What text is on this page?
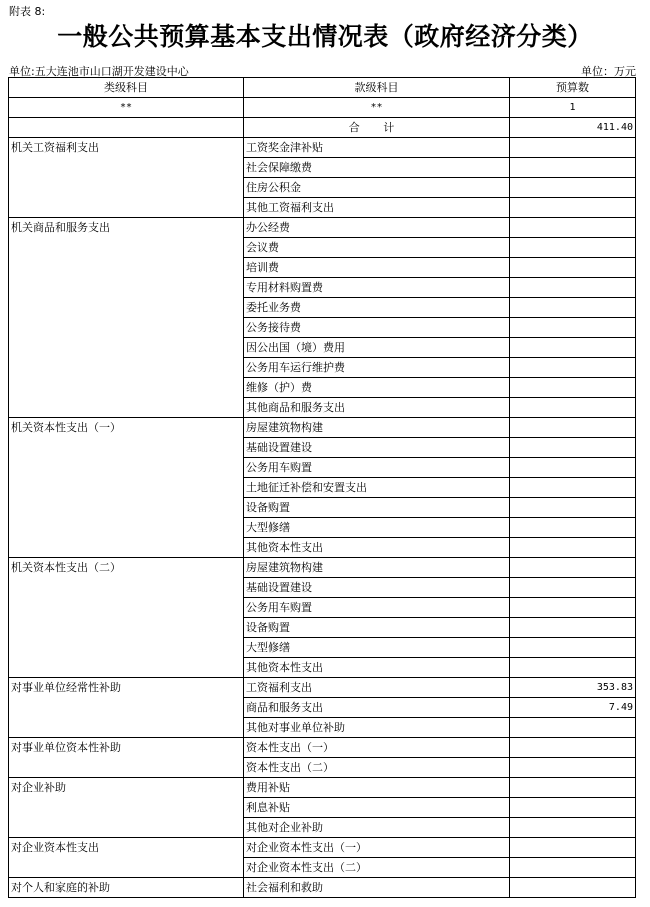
附表 8:
一般公共预算基本支出情况表（政府经济分类）
单位:五大连池市山口湖开发建设中心	单位：万元
类级科目	款级科目	预算数
**	**	1
	合 计	411.40
机关工资福利支出	工资奖金津补贴	
	社会保障缴费	
	住房公积金	
	其他工资福利支出	
机关商品和服务支出	办公经费	
	会议费	
	培训费	
	专用材料购置费	
	委托业务费	
	公务接待费	
	因公出国（境）费用	
	公务用车运行维护费	
	维修（护）费	
	其他商品和服务支出	
机关资本性支出（一）	房屋建筑物构建	
	基础设置建设	
	公务用车购置	
	土地征迁补偿和安置支出	
	设备购置	
	大型修缮	
	其他资本性支出	
机关资本性支出（二）	房屋建筑物构建	
	基础设置建设	
	公务用车购置	
	设备购置	
	大型修缮	
	其他资本性支出	
对事业单位经常性补助	工资福利支出	353.83
	商品和服务支出	7.49
	其他对事业单位补助	
对事业单位资本性补助	资本性支出（一）	
	资本性支出（二）	
对企业补助	费用补贴	
	利息补贴	
	其他对企业补助	
对企业资本性支出	对企业资本性支出（一）	
	对企业资本性支出（二）	
对个人和家庭的补助	社会福利和救助	
